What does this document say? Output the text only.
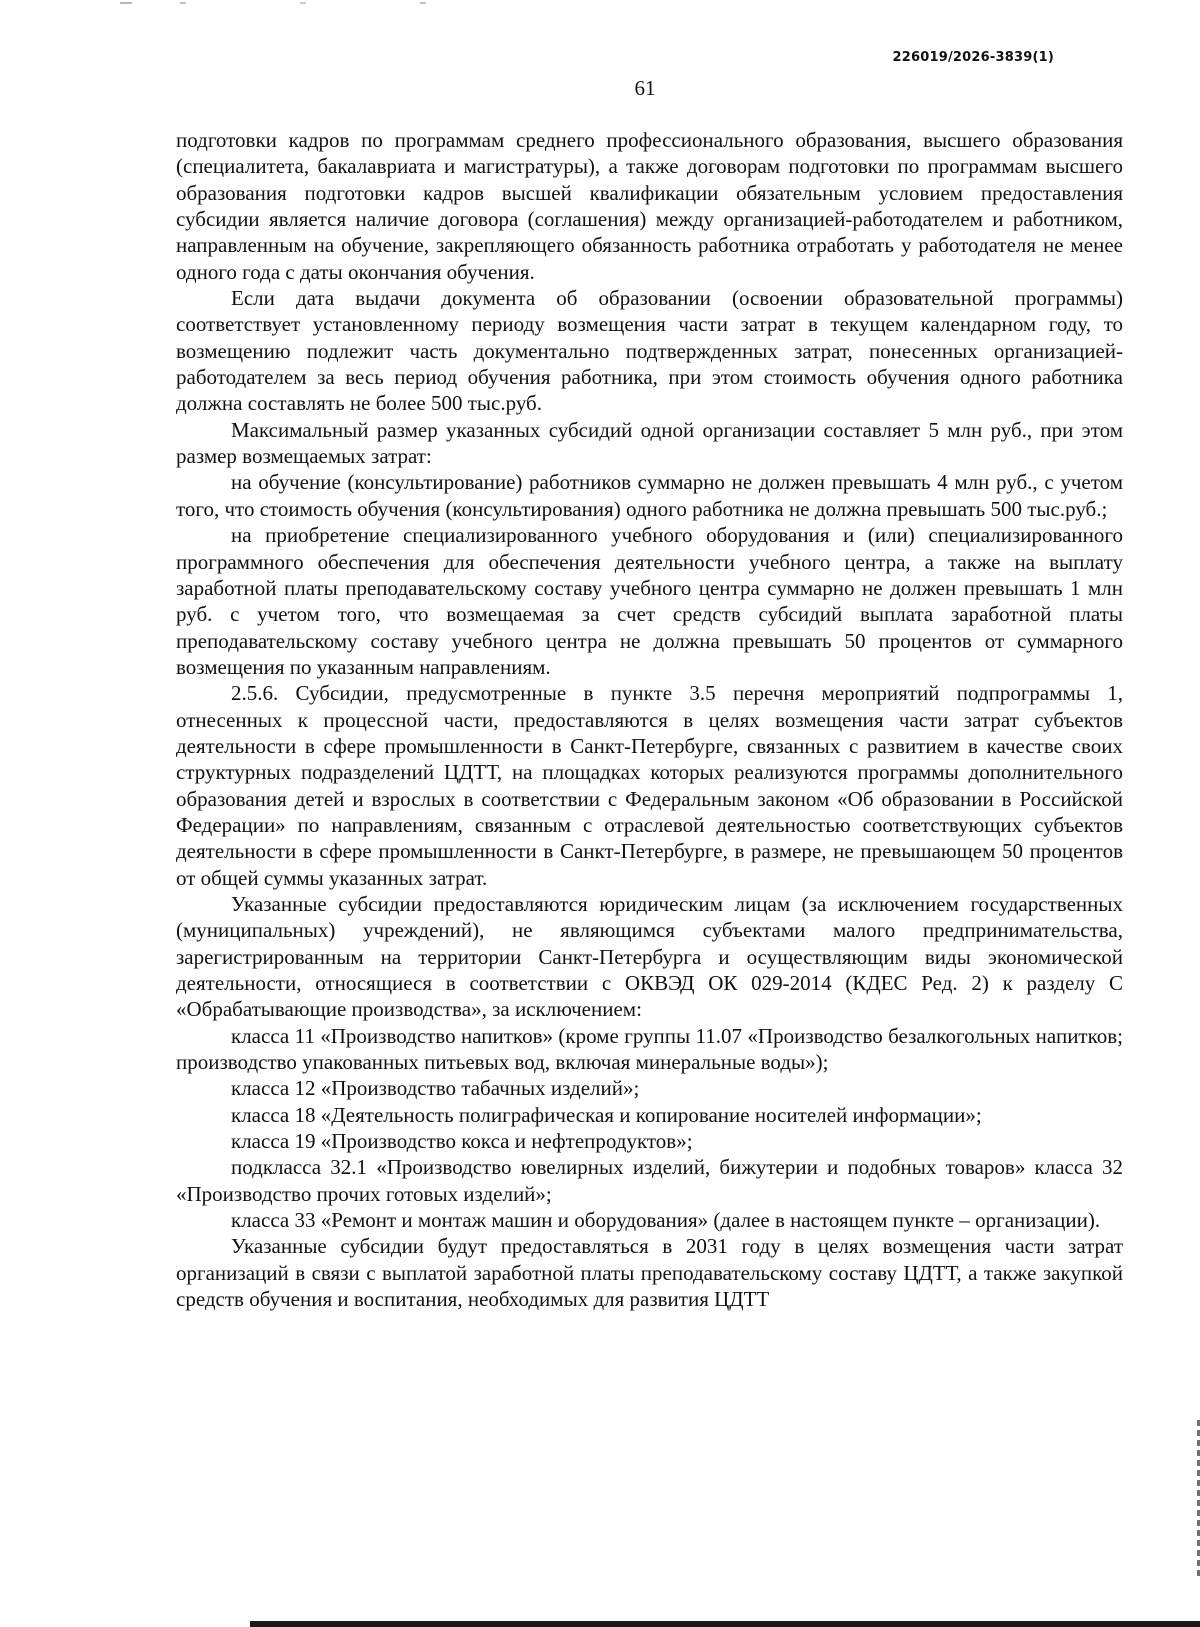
226019/2026-3839(1)
61

подготовки кадров по программам среднего профессионального образования, высшего образования (специалитета, бакалавриата и магистратуры), а также договорам подготовки по программам высшего образования подготовки кадров высшей квалификации обязательным условием предоставления субсидии является наличие договора (соглашения) между организацией-работодателем и работником, направленным на обучение, закрепляющего обязанность работника отработать у работодателя не менее одного года с даты окончания обучения.

Если дата выдачи документа об образовании (освоении образовательной программы) соответствует установленному периоду возмещения части затрат в текущем календарном году, то возмещению подлежит часть документально подтвержденных затрат, понесенных организацией-работодателем за весь период обучения работника, при этом стоимость обучения одного работника должна составлять не более 500 тыс.руб.

Максимальный размер указанных субсидий одной организации составляет 5 млн руб., при этом размер возмещаемых затрат:

на обучение (консультирование) работников суммарно не должен превышать 4 млн руб., с учетом того, что стоимость обучения (консультирования) одного работника не должна превышать 500 тыс.руб.;

на приобретение специализированного учебного оборудования и (или) специализированного программного обеспечения для обеспечения деятельности учебного центра, а также на выплату заработной платы преподавательскому составу учебного центра суммарно не должен превышать 1 млн руб. с учетом того, что возмещаемая за счет средств субсидий выплата заработной платы преподавательскому составу учебного центра не должна превышать 50 процентов от суммарного возмещения по указанным направлениям.

2.5.6. Субсидии, предусмотренные в пункте 3.5 перечня мероприятий подпрограммы 1, отнесенных к процессной части, предоставляются в целях возмещения части затрат субъектов деятельности в сфере промышленности в Санкт-Петербурге, связанных с развитием в качестве своих структурных подразделений ЦДТТ, на площадках которых реализуются программы дополнительного образования детей и взрослых в соответствии с Федеральным законом «Об образовании в Российской Федерации» по направлениям, связанным с отраслевой деятельностью соответствующих субъектов деятельности в сфере промышленности в Санкт-Петербурге, в размере, не превышающем 50 процентов от общей суммы указанных затрат.

Указанные субсидии предоставляются юридическим лицам (за исключением государственных (муниципальных) учреждений), не являющимся субъектами малого предпринимательства, зарегистрированным на территории Санкт-Петербурга и осуществляющим виды экономической деятельности, относящиеся в соответствии с ОКВЭД ОК 029-2014 (КДЕС Ред. 2) к разделу С «Обрабатывающие производства», за исключением:

класса 11 «Производство напитков» (кроме группы 11.07 «Производство безалкогольных напитков; производство упакованных питьевых вод, включая минеральные воды»);

класса 12 «Производство табачных изделий»;

класса 18 «Деятельность полиграфическая и копирование носителей информации»;

класса 19 «Производство кокса и нефтепродуктов»;

подкласса 32.1 «Производство ювелирных изделий, бижутерии и подобных товаров» класса 32 «Производство прочих готовых изделий»;

класса 33 «Ремонт и монтаж машин и оборудования» (далее в настоящем пункте – организации).

Указанные субсидии будут предоставляться в 2031 году в целях возмещения части затрат организаций в связи с выплатой заработной платы преподавательскому составу ЦДТТ, а также закупкой средств обучения и воспитания, необходимых для развития ЦДТТ
